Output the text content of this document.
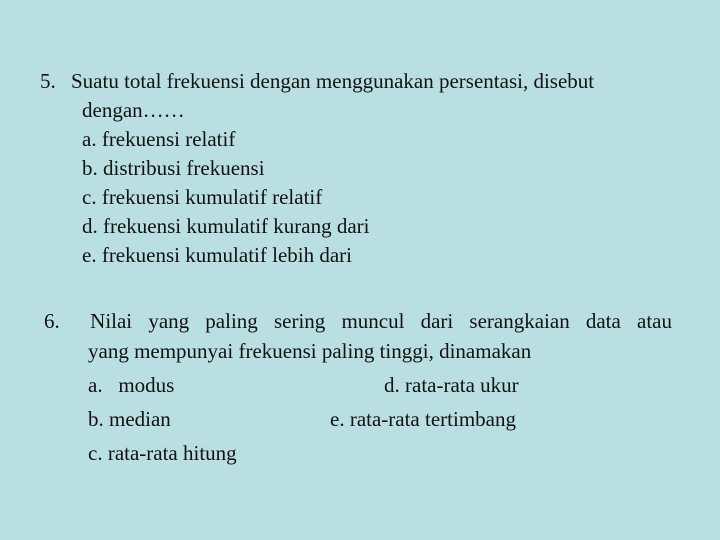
5. Suatu total frekuensi dengan menggunakan persentasi, disebut
dengan……
a. frekuensi relatif
b. distribusi frekuensi
c. frekuensi kumulatif relatif
d. frekuensi kumulatif kurang dari
e. frekuensi kumulatif lebih dari
6.	Nilai yang paling sering muncul dari serangkaian data atau
yang mempunyai frekuensi paling tinggi, dinamakan
a.   modus	d. rata-rata ukur
b. median	e. rata-rata tertimbang
c. rata-rata hitung
